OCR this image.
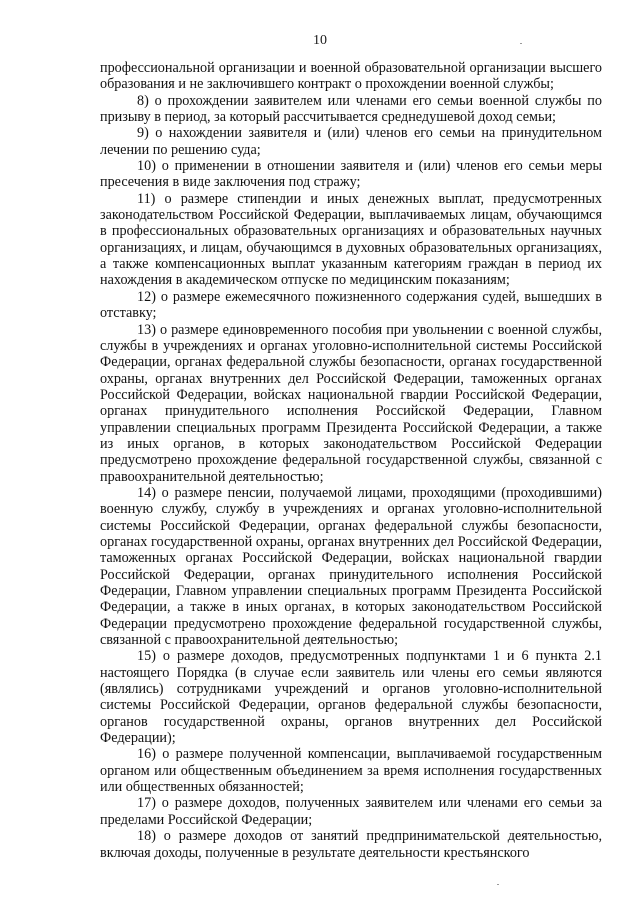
10

профессиональной организации и военной образовательной организации высшего образования и не заключившего контракт о прохождении военной службы;

8) о прохождении заявителем или членами его семьи военной службы по призыву в период, за который рассчитывается среднедушевой доход семьи;

9) о нахождении заявителя и (или) членов его семьи на принудительном лечении по решению суда;

10) о применении в отношении заявителя и (или) членов его семьи меры пресечения в виде заключения под стражу;

11) о размере стипендии и иных денежных выплат, предусмотренных законодательством Российской Федерации, выплачиваемых лицам, обучающимся в профессиональных образовательных организациях и образовательных научных организациях, и лицам, обучающимся в духовных образовательных организациях, а также компенсационных выплат указанным категориям граждан в период их нахождения в академическом отпуске по медицинским показаниям;

12) о размере ежемесячного пожизненного содержания судей, вышедших в отставку;

13) о размере единовременного пособия при увольнении с военной службы, службы в учреждениях и органах уголовно-исполнительной системы Российской Федерации, органах федеральной службы безопасности, органах государственной охраны, органах внутренних дел Российской Федерации, таможенных органах Российской Федерации, войсках национальной гвардии Российской Федерации, органах принудительного исполнения Российской Федерации, Главном управлении специальных программ Президента Российской Федерации, а также из иных органов, в которых законодательством Российской Федерации предусмотрено прохождение федеральной государственной службы, связанной с правоохранительной деятельностью;

14) о размере пенсии, получаемой лицами, проходящими (проходившими) военную службу, службу в учреждениях и органах уголовно-исполнительной системы Российской Федерации, органах федеральной службы безопасности, органах государственной охраны, органах внутренних дел Российской Федерации, таможенных органах Российской Федерации, войсках национальной гвардии Российской Федерации, органах принудительного исполнения Российской Федерации, Главном управлении специальных программ Президента Российской Федерации, а также в иных органах, в которых законодательством Российской Федерации предусмотрено прохождение федеральной государственной службы, связанной с правоохранительной деятельностью;

15) о размере доходов, предусмотренных подпунктами 1 и 6 пункта 2.1 настоящего Порядка (в случае если заявитель или члены его семьи являются (являлись) сотрудниками учреждений и органов уголовно-исполнительной системы Российской Федерации, органов федеральной службы безопасности, органов государственной охраны, органов внутренних дел Российской Федерации);

16) о размере полученной компенсации, выплачиваемой государственным органом или общественным объединением за время исполнения государственных или общественных обязанностей;

17) о размере доходов, полученных заявителем или членами его семьи за пределами Российской Федерации;

18) о размере доходов от занятий предпринимательской деятельностью, включая доходы, полученные в результате деятельности крестьянского
